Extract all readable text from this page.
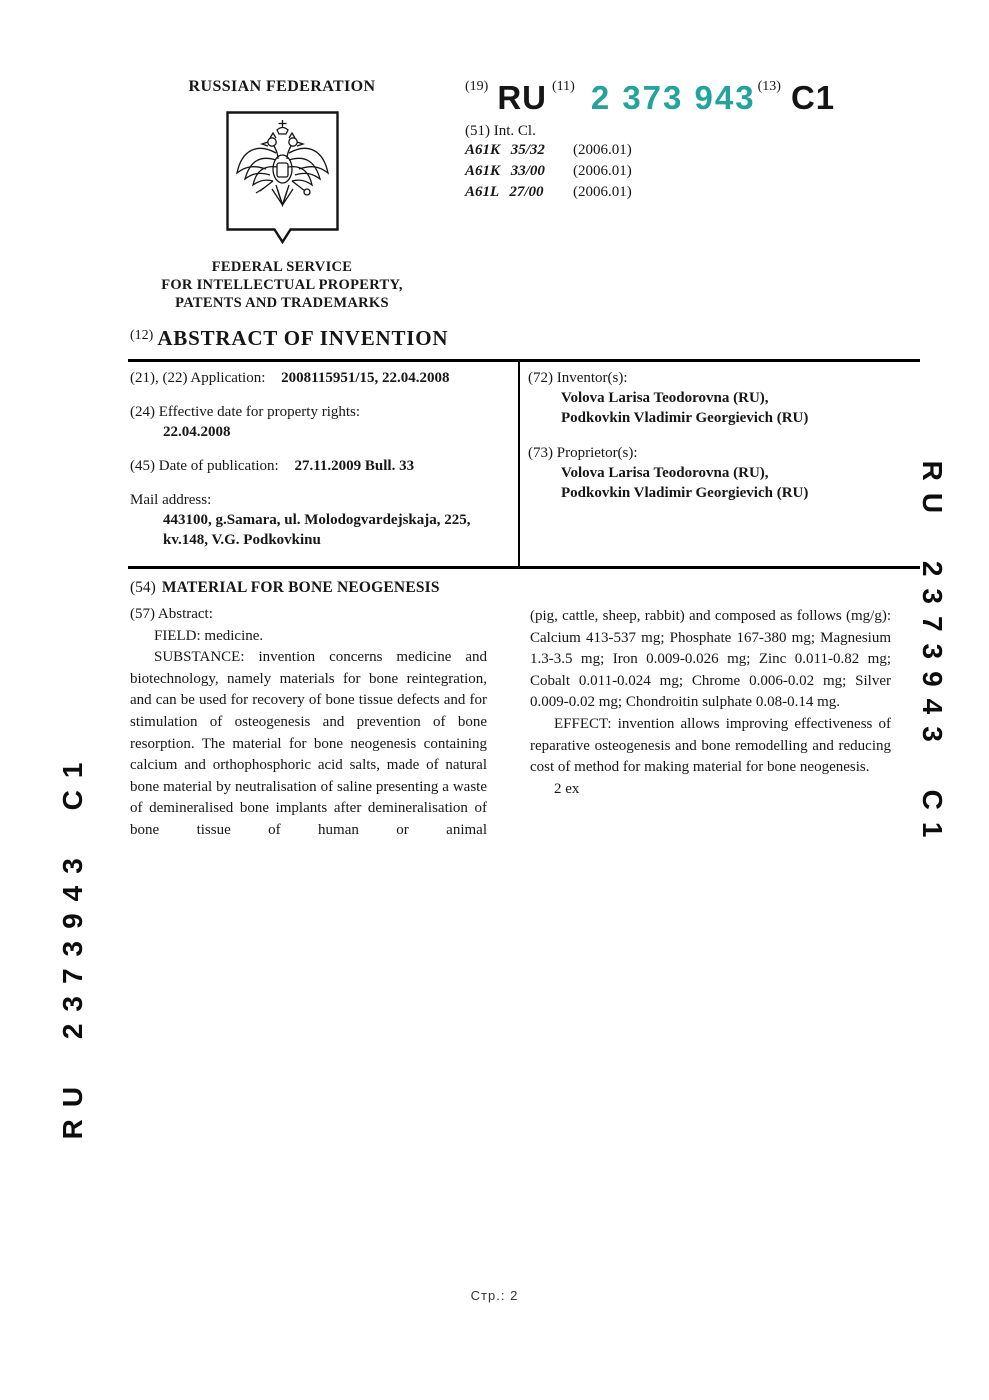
RUSSIAN FEDERATION
FEDERAL SERVICE
FOR INTELLECTUAL PROPERTY,
PATENTS AND TRADEMARKS
(19) RU (11) 2 373 943 (13) C1
(51) Int. Cl.
A61K 35/32	(2006.01)
A61K 33/00	(2006.01)
A61L 27/00	(2006.01)
(12) ABSTRACT OF INVENTION
(21), (22) Application: 2008115951/15, 22.04.2008
(24) Effective date for property rights:
22.04.2008
(45) Date of publication: 27.11.2009 Bull. 33
Mail address:
443100, g.Samara, ul. Molodogvardejskaja, 225,
kv.148, V.G. Podkovkinu
(72) Inventor(s):
Volova Larisa Teodorovna (RU),
Podkovkin Vladimir Georgievich (RU)
(73) Proprietor(s):
Volova Larisa Teodorovna (RU),
Podkovkin Vladimir Georgievich (RU)
(54) MATERIAL FOR BONE NEOGENESIS

(57) Abstract:

FIELD: medicine.

SUBSTANCE: invention concerns medicine and biotechnology, namely materials for bone reintegration, and can be used for recovery of bone tissue defects and for stimulation of osteogenesis and prevention of bone resorption. The material for bone neogenesis containing calcium and orthophosphoric acid salts, made of natural bone material by neutralisation of saline presenting a waste of demineralised bone implants after demineralisation of bone tissue of human or animal

(pig, cattle, sheep, rabbit) and composed as follows (mg/g): Calcium 413-537 mg; Phosphate 167-380 mg; Magnesium 1.3-3.5 mg; Iron 0.009-0.026 mg; Zinc 0.011-0.82 mg; Cobalt 0.011-0.024 mg; Chrome 0.006-0.02 mg; Silver 0.009-0.02 mg; Chondroitin sulphate 0.08-0.14 mg.

EFFECT: invention allows improving effectiveness of reparative osteogenesis and bone remodelling and reducing cost of method for making material for bone neogenesis.

2 ex

RU 2373943 C1
RU 2373943 C1
Стр.: 2
